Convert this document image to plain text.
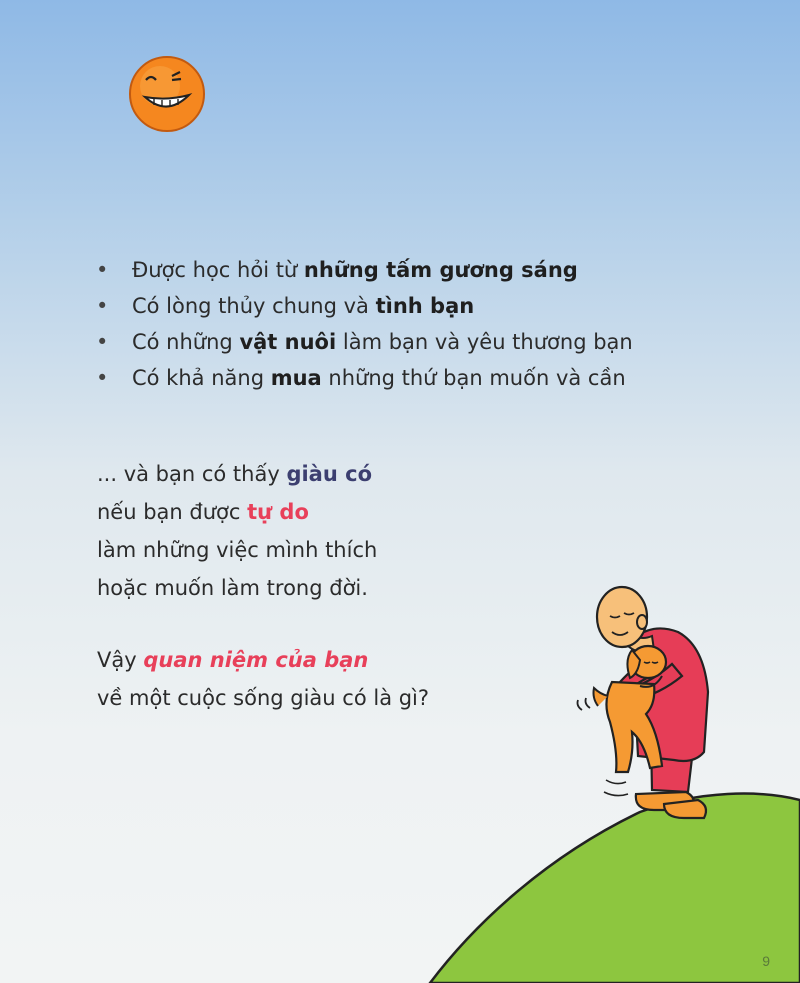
• Được học hỏi từ những tấm gương sáng
• Có lòng thủy chung và tình bạn
• Có những vật nuôi làm bạn và yêu thương bạn
• Có khả năng mua những thứ bạn muốn và cần

... và bạn có thấy giàu có
nếu bạn được tự do
làm những việc mình thích
hoặc muốn làm trong đời.

Vậy quan niệm của bạn
về một cuộc sống giàu có là gì?

9
